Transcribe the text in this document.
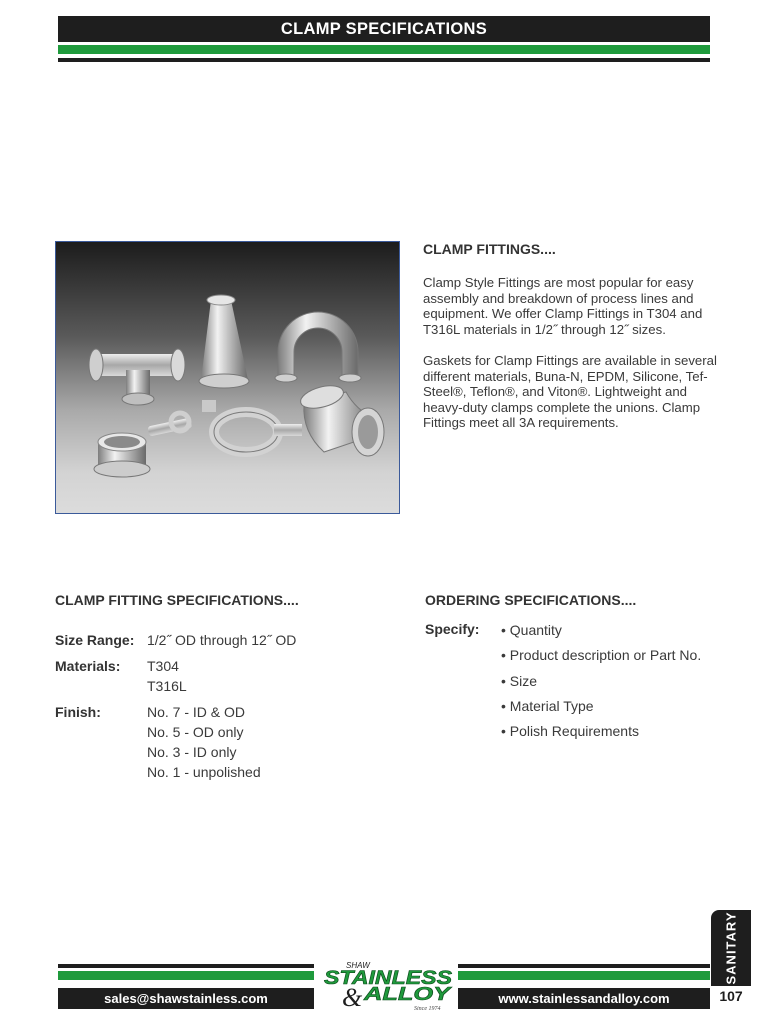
CLAMP SPECIFICATIONS
CLAMP FITTINGS....
Clamp Style Fittings are most popular for easy assembly and breakdown of process lines and equipment. We offer Clamp Fittings in T304 and T316L materials in 1/2˝ through 12˝ sizes.
Gaskets for Clamp Fittings are available in several different materials, Buna-N, EPDM, Silicone, Tef-Steel®, Teflon®, and Viton®. Lightweight and heavy-duty clamps complete the unions. Clamp Fittings meet all 3A requirements.
CLAMP FITTING SPECIFICATIONS....
Size Range: 1/2˝ OD through 12˝ OD
Materials: T304
T316L
Finish:	No. 7 - ID & OD
No. 5 - OD only
No. 3 - ID only
No. 1 - unpolished
ORDERING SPECIFICATIONS....
Specify: • Quantity
• Product description or Part No.
• Size
• Material Type
• Polish Requirements
SANITARY
107
sales@shawstainless.com	www.stainlessandalloy.com
SHAW
STAINLESS
& ALLOY
Since 1974
